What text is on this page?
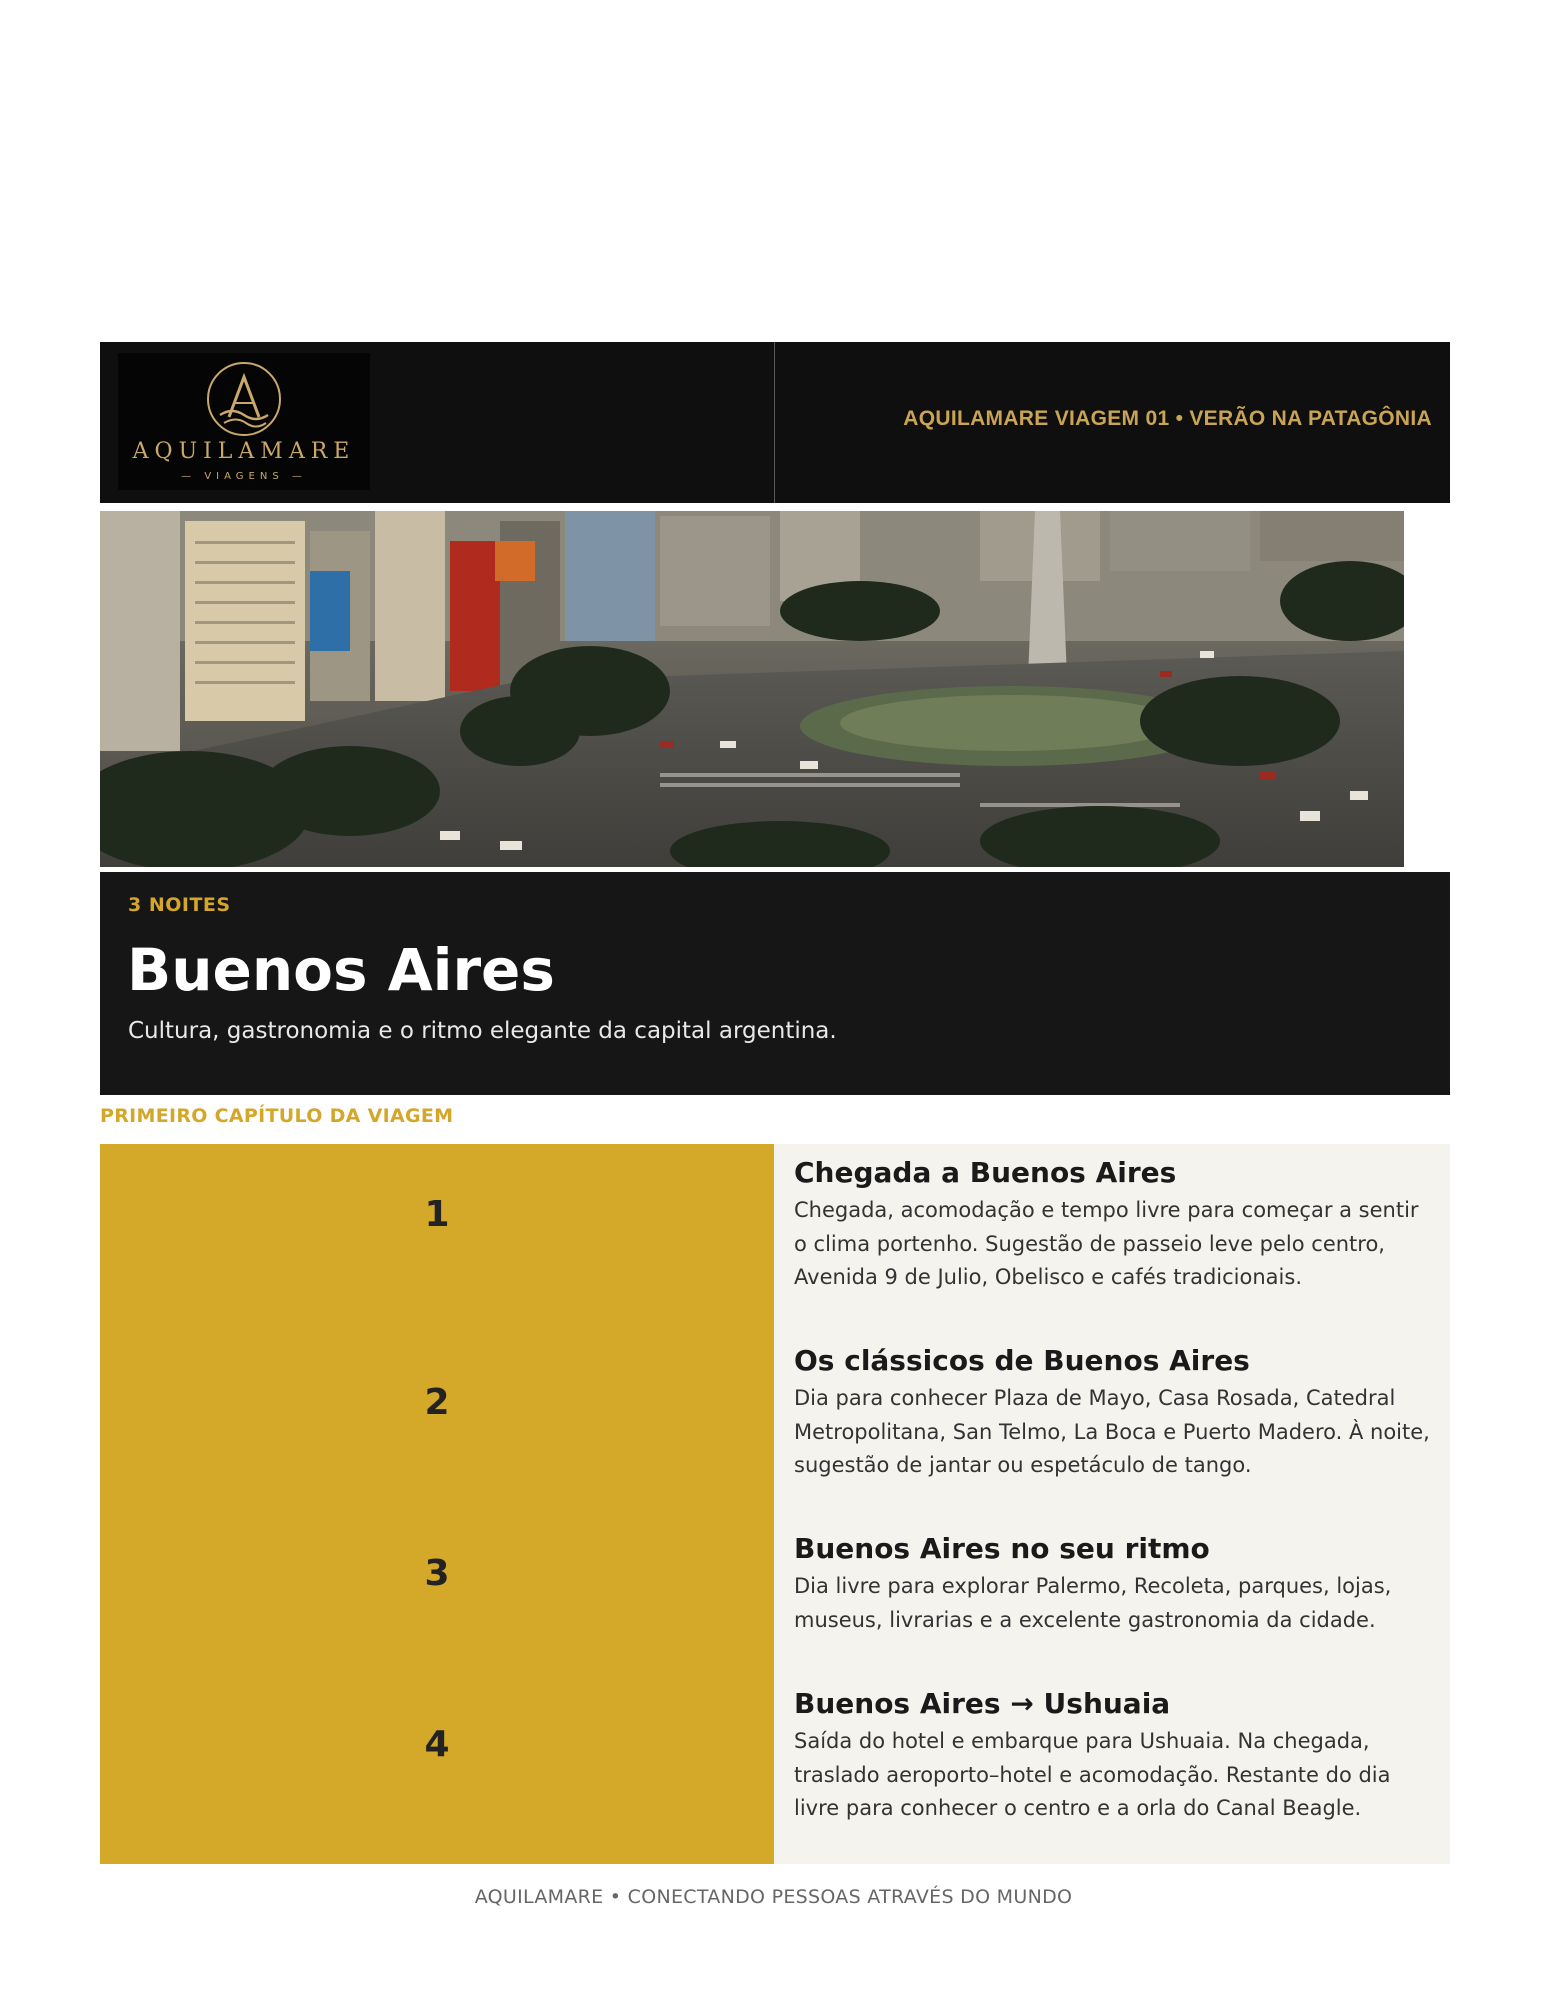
AQUILAMARE
— VIAGENS —
AQUILAMARE VIAGEM 01 • VERÃO NA PATAGÔNIA
3 NOITES
Buenos Aires
Cultura, gastronomia e o ritmo elegante da capital argentina.
PRIMEIRO CAPÍTULO DA VIAGEM
1
2
3
4
Chegada a Buenos Aires
Chegada, acomodação e tempo livre para começar a sentir o clima portenho. Sugestão de passeio leve pelo centro, Avenida 9 de Julio, Obelisco e cafés tradicionais.
Os clássicos de Buenos Aires
Dia para conhecer Plaza de Mayo, Casa Rosada, Catedral Metropolitana, San Telmo, La Boca e Puerto Madero. À noite, sugestão de jantar ou espetáculo de tango.
Buenos Aires no seu ritmo
Dia livre para explorar Palermo, Recoleta, parques, lojas, museus, livrarias e a excelente gastronomia da cidade.
Buenos Aires → Ushuaia
Saída do hotel e embarque para Ushuaia. Na chegada, traslado aeroporto–hotel e acomodação. Restante do dia livre para conhecer o centro e a orla do Canal Beagle.
AQUILAMARE • CONECTANDO PESSOAS ATRAVÉS DO MUNDO
